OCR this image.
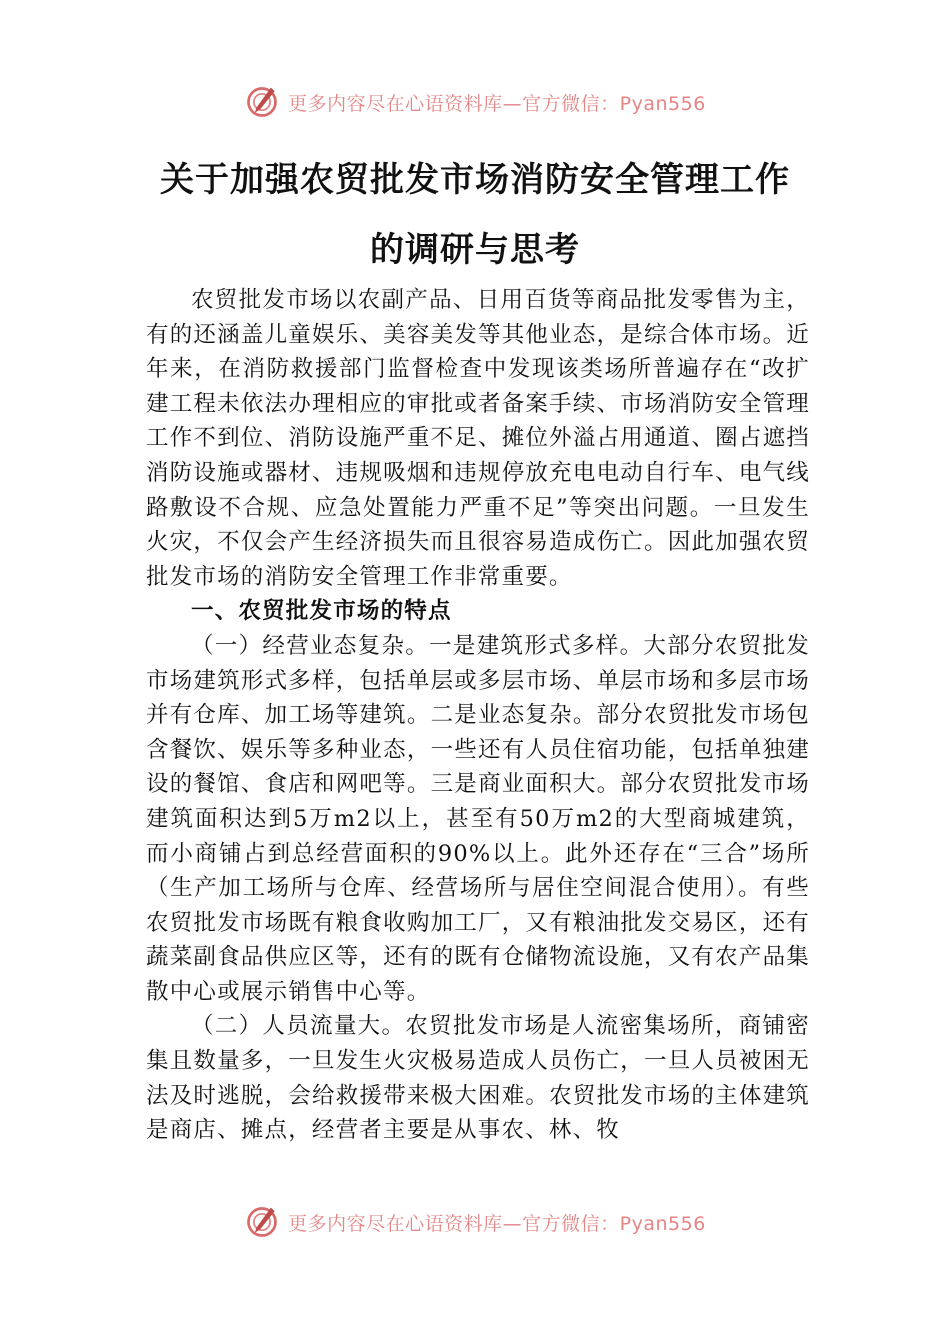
更多内容尽在心语资料库—官方微信：Pyan556
关于加强农贸批发市场消防安全管理工作
的调研与思考

农贸批发市场以农副产品、日用百货等商品批发零售为主，有的还涵盖儿童娱乐、美容美发等其他业态，是综合体市场。近年来，在消防救援部门监督检查中发现该类场所普遍存在“改扩建工程未依法办理相应的审批或者备案手续、市场消防安全管理工作不到位、消防设施严重不足、摊位外溢占用通道、圈占遮挡消防设施或器材、违规吸烟和违规停放充电电动自行车、电气线路敷设不合规、应急处置能力严重不足”等突出问题。一旦发生火灾，不仅会产生经济损失而且很容易造成伤亡。因此加强农贸批发市场的消防安全管理工作非常重要。

一、农贸批发市场的特点

（一）经营业态复杂。一是建筑形式多样。大部分农贸批发市场建筑形式多样，包括单层或多层市场、单层市场和多层市场并有仓库、加工场等建筑。二是业态复杂。部分农贸批发市场包含餐饮、娱乐等多种业态，一些还有人员住宿功能，包括单独建设的餐馆、食店和网吧等。三是商业面积大。部分农贸批发市场建筑面积达到5万m2以上，甚至有50万m2的大型商城建筑，而小商铺占到总经营面积的90%以上。此外还存在“三合”场所（生产加工场所与仓库、经营场所与居住空间混合使用）。有些农贸批发市场既有粮食收购加工厂，又有粮油批发交易区，还有蔬菜副食品供应区等，还有的既有仓储物流设施，又有农产品集散中心或展示销售中心等。

（二）人员流量大。农贸批发市场是人流密集场所，商铺密集且数量多，一旦发生火灾极易造成人员伤亡，一旦人员被困无法及时逃脱，会给救援带来极大困难。农贸批发市场的主体建筑是商店、摊点，经营者主要是从事农、林、牧

更多内容尽在心语资料库—官方微信：Pyan556
